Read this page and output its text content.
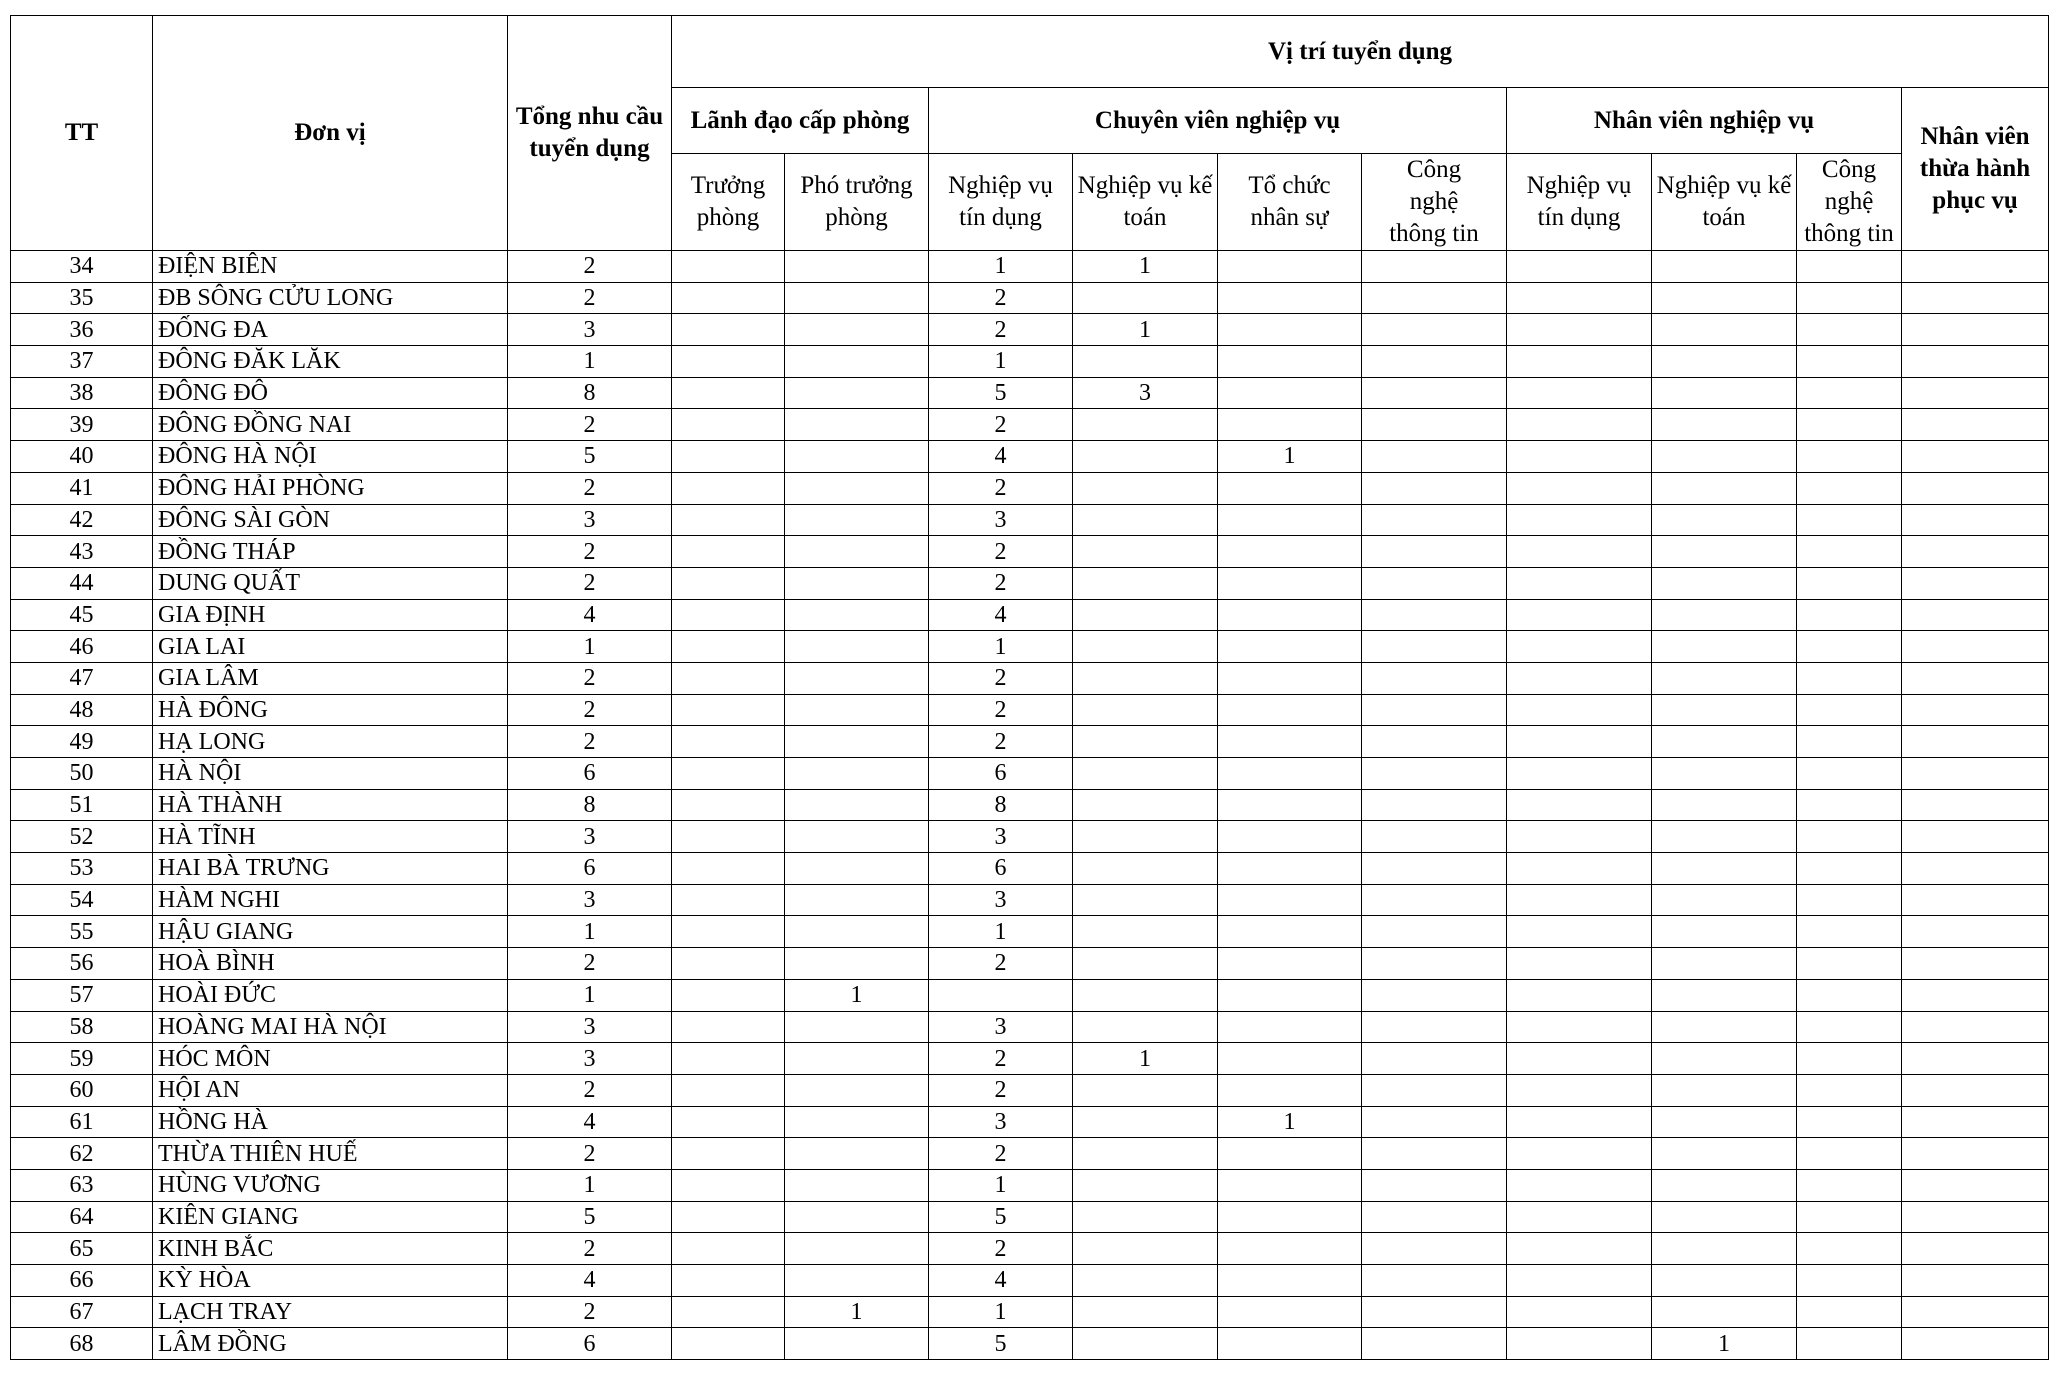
TT	Đơn vị	Tổng nhu cầu tuyển dụng	Vị trí tuyển dụng									
			Lãnh đạo cấp phòng		Chuyên viên nghiệp vụ				Nhân viên nghiệp vụ			Nhân viên thừa hành phục vụ
			Trưởng phòng	Phó trưởng phòng	Nghiệp vụ tín dụng	Nghiệp vụ kế toán	Tổ chức nhân sự	Công nghệ thông tin	Nghiệp vụ tín dụng	Nghiệp vụ kế toán	Công nghệ thông tin	
34	ĐIỆN BIÊN	2			1	1						
35	ĐB SÔNG CỬU LONG	2			2							
36	ĐỐNG ĐA	3			2	1						
37	ĐÔNG ĐĂK LĂK	1			1							
38	ĐÔNG ĐÔ	8			5	3						
39	ĐÔNG ĐỒNG NAI	2			2							
40	ĐÔNG HÀ NỘI	5			4		1					
41	ĐÔNG HẢI PHÒNG	2			2							
42	ĐÔNG SÀI GÒN	3			3							
43	ĐỒNG THÁP	2			2							
44	DUNG QUẤT	2			2							
45	GIA ĐỊNH	4			4							
46	GIA LAI	1			1							
47	GIA LÂM	2			2							
48	HÀ ĐÔNG	2			2							
49	HẠ LONG	2			2							
50	HÀ NỘI	6			6							
51	HÀ THÀNH	8			8							
52	HÀ TĨNH	3			3							
53	HAI BÀ TRƯNG	6			6							
54	HÀM NGHI	3			3							
55	HẬU GIANG	1			1							
56	HOÀ BÌNH	2			2							
57	HOÀI ĐỨC	1		1								
58	HOÀNG MAI HÀ NỘI	3			3							
59	HÓC MÔN	3			2	1						
60	HỘI AN	2			2							
61	HỒNG HÀ	4			3		1					
62	THỪA THIÊN HUẾ	2			2							
63	HÙNG VƯƠNG	1			1							
64	KIÊN GIANG	5			5							
65	KINH BẮC	2			2							
66	KỲ HÒA	4			4							
67	LẠCH TRAY	2		1	1							
68	LÂM ĐỒNG	6			5					1		
